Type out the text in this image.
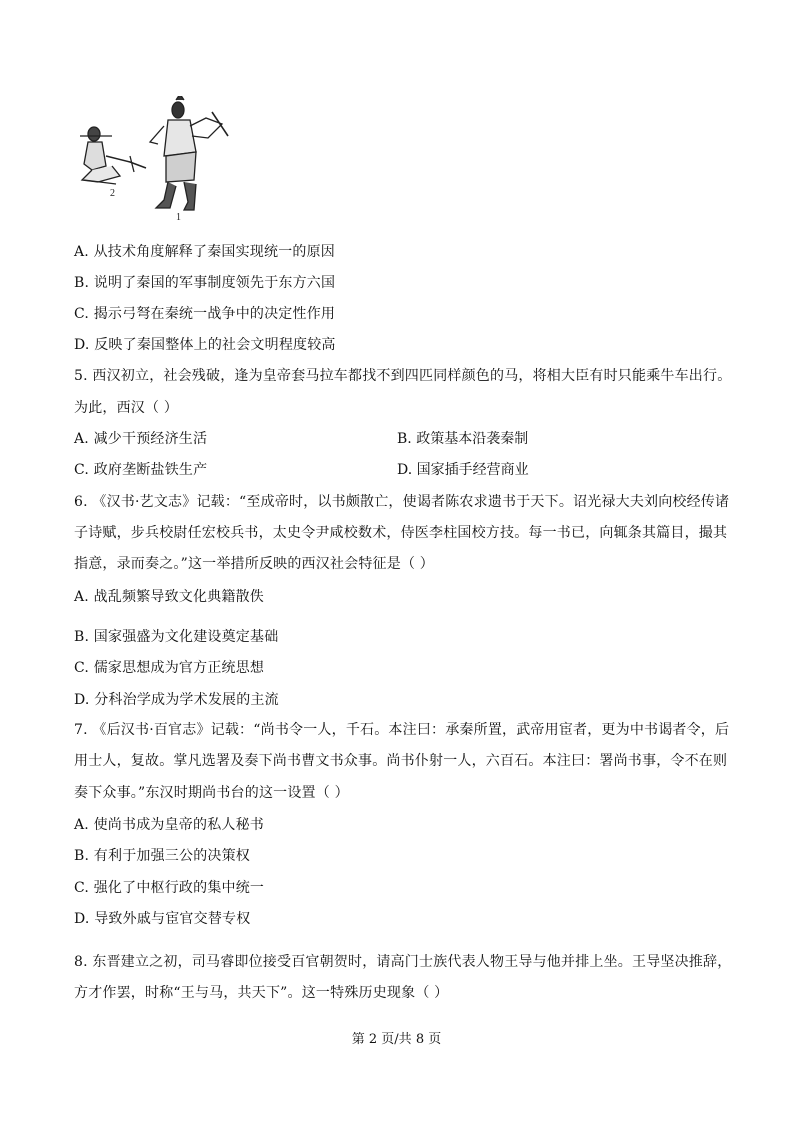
2
1
A. 从技术角度解释了秦国实现统一的原因
B. 说明了秦国的军事制度领先于东方六国
C. 揭示弓弩在秦统一战争中的决定性作用
D. 反映了秦国整体上的社会文明程度较高
5. 西汉初立，社会残破，逢为皇帝套马拉车都找不到四匹同样颜色的马，将相大臣有时只能乘牛车出行。
为此，西汉（ ）
A. 减少干预经济生活	B. 政策基本沿袭秦制
C. 政府垄断盐铁生产	D. 国家插手经营商业
6. 《汉书·艺文志》记载：“至成帝时，以书颇散亡，使谒者陈农求遗书于天下。诏光禄大夫刘向校经传诸
子诗赋，步兵校尉任宏校兵书，太史令尹咸校数术，侍医李柱国校方技。每一书已，向辄条其篇目，撮其
指意，录而奏之。”这一举措所反映的西汉社会特征是（ ）
A. 战乱频繁导致文化典籍散佚
B. 国家强盛为文化建设奠定基础
C. 儒家思想成为官方正统思想
D. 分科治学成为学术发展的主流
7. 《后汉书·百官志》记载：“尚书令一人，千石。本注曰：承秦所置，武帝用宦者，更为中书谒者令，后
用士人，复故。掌凡选署及奏下尚书曹文书众事。尚书仆射一人，六百石。本注曰：署尚书事，令不在则
奏下众事。”东汉时期尚书台的这一设置（ ）
A. 使尚书成为皇帝的私人秘书
B. 有利于加强三公的决策权
C. 强化了中枢行政的集中统一
D. 导致外戚与宦官交替专权
8. 东晋建立之初，司马睿即位接受百官朝贺时，请高门士族代表人物王导与他并排上坐。王导坚决推辞，
方才作罢，时称“王与马，共天下”。这一特殊历史现象（ ）
第 2 页/共 8 页
